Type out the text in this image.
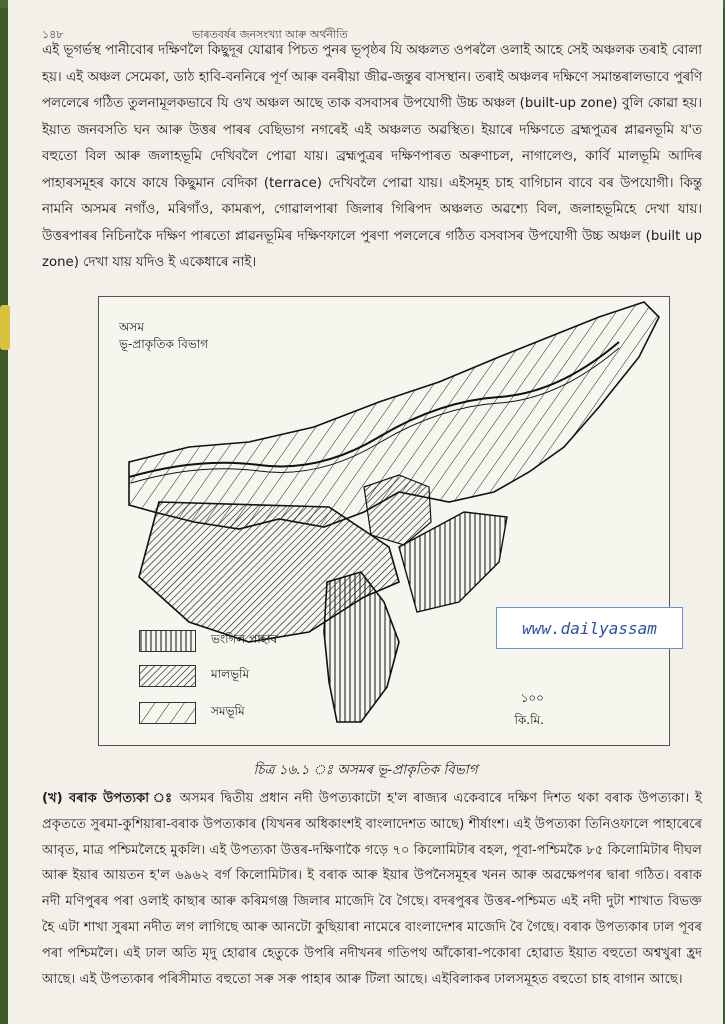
১৪৮	ভাৰতবৰ্ষৰ জনসংখ্যা আৰু অৰ্থনীতি

এই ভূগৰ্ভস্থ পানীবোৰ দক্ষিণলৈ কিছুদূৰ যোৱাৰ পিচত পুনৰ ভূপৃষ্ঠৰ যি অঞ্চলত ওপৰলৈ ওলাই আহে সেই অঞ্চলক তৰাই বোলা হয়। এই অঞ্চল সেমেকা, ডাঠ হাবি-বননিৰে পূৰ্ণ আৰু বনৰীয়া জীৱ-জন্তুৰ বাসস্থান। তৰাই অঞ্চলৰ দক্ষিণে সমান্তৰালভাবে পুৰণি পললেৰে গঠিত তুলনামূলকভাবে যি ওখ অঞ্চল আছে তাক বসবাসৰ উপযোগী উচ্চ অঞ্চল (built-up zone) বুলি কোৱা হয়। ইয়াত জনবসতি ঘন আৰু উত্তৰ পাৰৰ বেছিভাগ নগৰেই এই অঞ্চলত অৱস্থিত। ইয়াৰে দক্ষিণতে ব্ৰহ্মপুত্ৰৰ প্লাৱনভূমি য'ত বহুতো বিল আৰু জলাহভূমি দেখিবলৈ পোৱা যায়। ব্ৰহ্মপুত্ৰৰ দক্ষিণপাৰত অৰুণাচল, নাগালেণ্ড, কাৰ্বি মালভূমি আদিৰ পাহাৰসমূহৰ কাষে কাষে কিছুমান বেদিকা (terrace) দেখিবলৈ পোৱা যায়। এইসমূহ চাহ বাগিচান বাবে বৰ উপযোগী। কিন্তু নামনি অসমৰ নগাঁও, মৰিগাঁও, কামৰূপ, গোৱালপাৰা জিলাৰ গিৰিপদ অঞ্চলত অৱশ্যে বিল, জলাহভূমিহে দেখা যায়। উত্তৰপাৰৰ নিচিনাকৈ দক্ষিণ পাৰতো প্লাৱনভূমিৰ দক্ষিণফালে পুৰণা পললেৰে গঠিত বসবাসৰ উপযোগী উচ্চ অঞ্চল (built up zone) দেখা যায় যদিও ই একেধাৰে নাই।

অসম
ভূ-প্ৰাকৃতিক বিভাগ
ভংগিল পাহাৰ
মালভূমি
সমভূমি
www.dailyassam
১০০
কি.মি.
চিত্ৰ ১৬.১ ঃ অসমৰ ভূ-প্ৰাকৃতিক বিভাগ

(খ) বৰাক উপত্যকা ঃ অসমৰ দ্বিতীয় প্ৰধান নদী উপত্যকাটো হ'ল ৰাজ্যৰ একেবাৰে দক্ষিণ দিশত থকা বৰাক উপত্যকা। ই প্ৰকৃততে সুৰমা-কুশিয়াৰা-বৰাক উপত্যকাৰ (যিখনৰ অধিকাংশই বাংলাদেশত আছে) শীৰ্ষাংশ। এই উপত্যকা তিনিওফালে পাহাৰেৰে আবৃত, মাত্ৰ পশ্চিমলৈহে মুকলি। এই উপত্যকা উত্তৰ-দক্ষিণাকৈ গড়ে ৭০ কিলোমিটাৰ বহল, পূবা-পশ্চিমকৈ ৮৫ কিলোমিটাৰ দীঘল আৰু ইয়াৰ আয়তন হ'ল ৬৯৬২ বৰ্গ কিলোমিটাৰ। ই বৰাক আৰু ইয়াৰ উপনৈসমূহৰ খনন আৰু অৱক্ষেপণৰ দ্বাৰা গঠিত। বৰাক নদী মণিপুৰৰ পৰা ওলাই কাছাৰ আৰু কৰিমগঞ্জ জিলাৰ মাজেদি বৈ গৈছে। বদৰপুৰৰ উত্তৰ-পশ্চিমত এই নদী দুটা শাখাত বিভক্ত হৈ এটা শাখা সুৰমা নদীত লগ লাগিছে আৰু আনটো কুছিয়াৰা নামেৰে বাংলাদেশৰ মাজেদি বৈ গৈছে। বৰাক উপত্যকাৰ ঢাল পূবৰ পৰা পশ্চিমলৈ। এই ঢাল অতি মৃদু হোৱাৰ হেতুকে উপৰি নদীখনৰ গতিপথ আঁকোৰা-পকোৰা হোৱাত ইয়াত বহুতো অশ্বখুৰা হ্ৰদ আছে। এই উপত্যকাৰ পৰিসীমাত বহুতো সৰু সৰু পাহাৰ আৰু টিলা আছে। এইবিলাকৰ ঢালসমূহত বহুতো চাহ বাগান আছে।
